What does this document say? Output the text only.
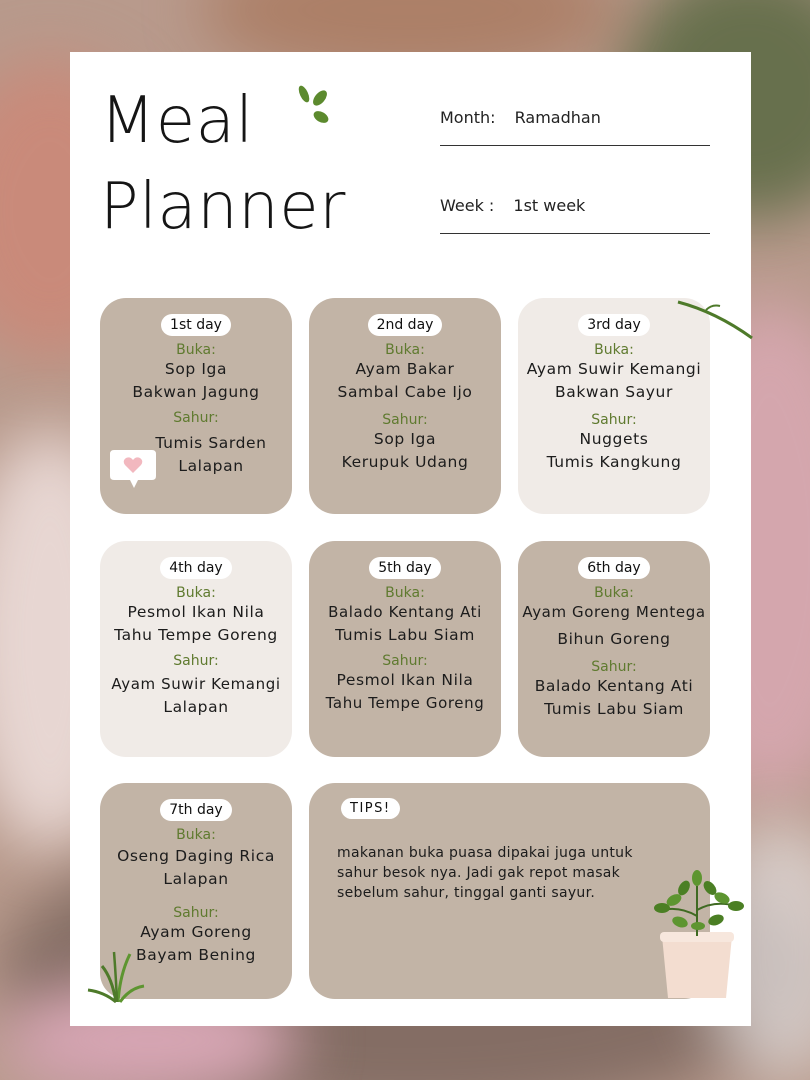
Meal
Planner
Month: Ramadhan
Week : 1st week
1st day
Buka:
Sop Iga
Bakwan Jagung
Sahur:
Tumis Sarden
Lalapan
2nd day
Buka:
Ayam Bakar
Sambal Cabe Ijo
Sahur:
Sop Iga
Kerupuk Udang
3rd day
Buka:
Ayam Suwir Kemangi
Bakwan Sayur
Sahur:
Nuggets
Tumis Kangkung
4th day
Buka:
Pesmol Ikan Nila
Tahu Tempe Goreng
Sahur:
Ayam Suwir Kemangi
Lalapan
5th day
Buka:
Balado Kentang Ati
Tumis Labu Siam
Sahur:
Pesmol Ikan Nila
Tahu Tempe Goreng
6th day
Buka:
Ayam Goreng Mentega
Bihun Goreng
Sahur:
Balado Kentang Ati
Tumis Labu Siam
7th day
Buka:
Oseng Daging Rica
Lalapan
Sahur:
Ayam Goreng
Bayam Bening
TIPS!
makanan buka puasa dipakai juga untuk sahur besok nya. Jadi gak repot masak sebelum sahur, tinggal ganti sayur.
